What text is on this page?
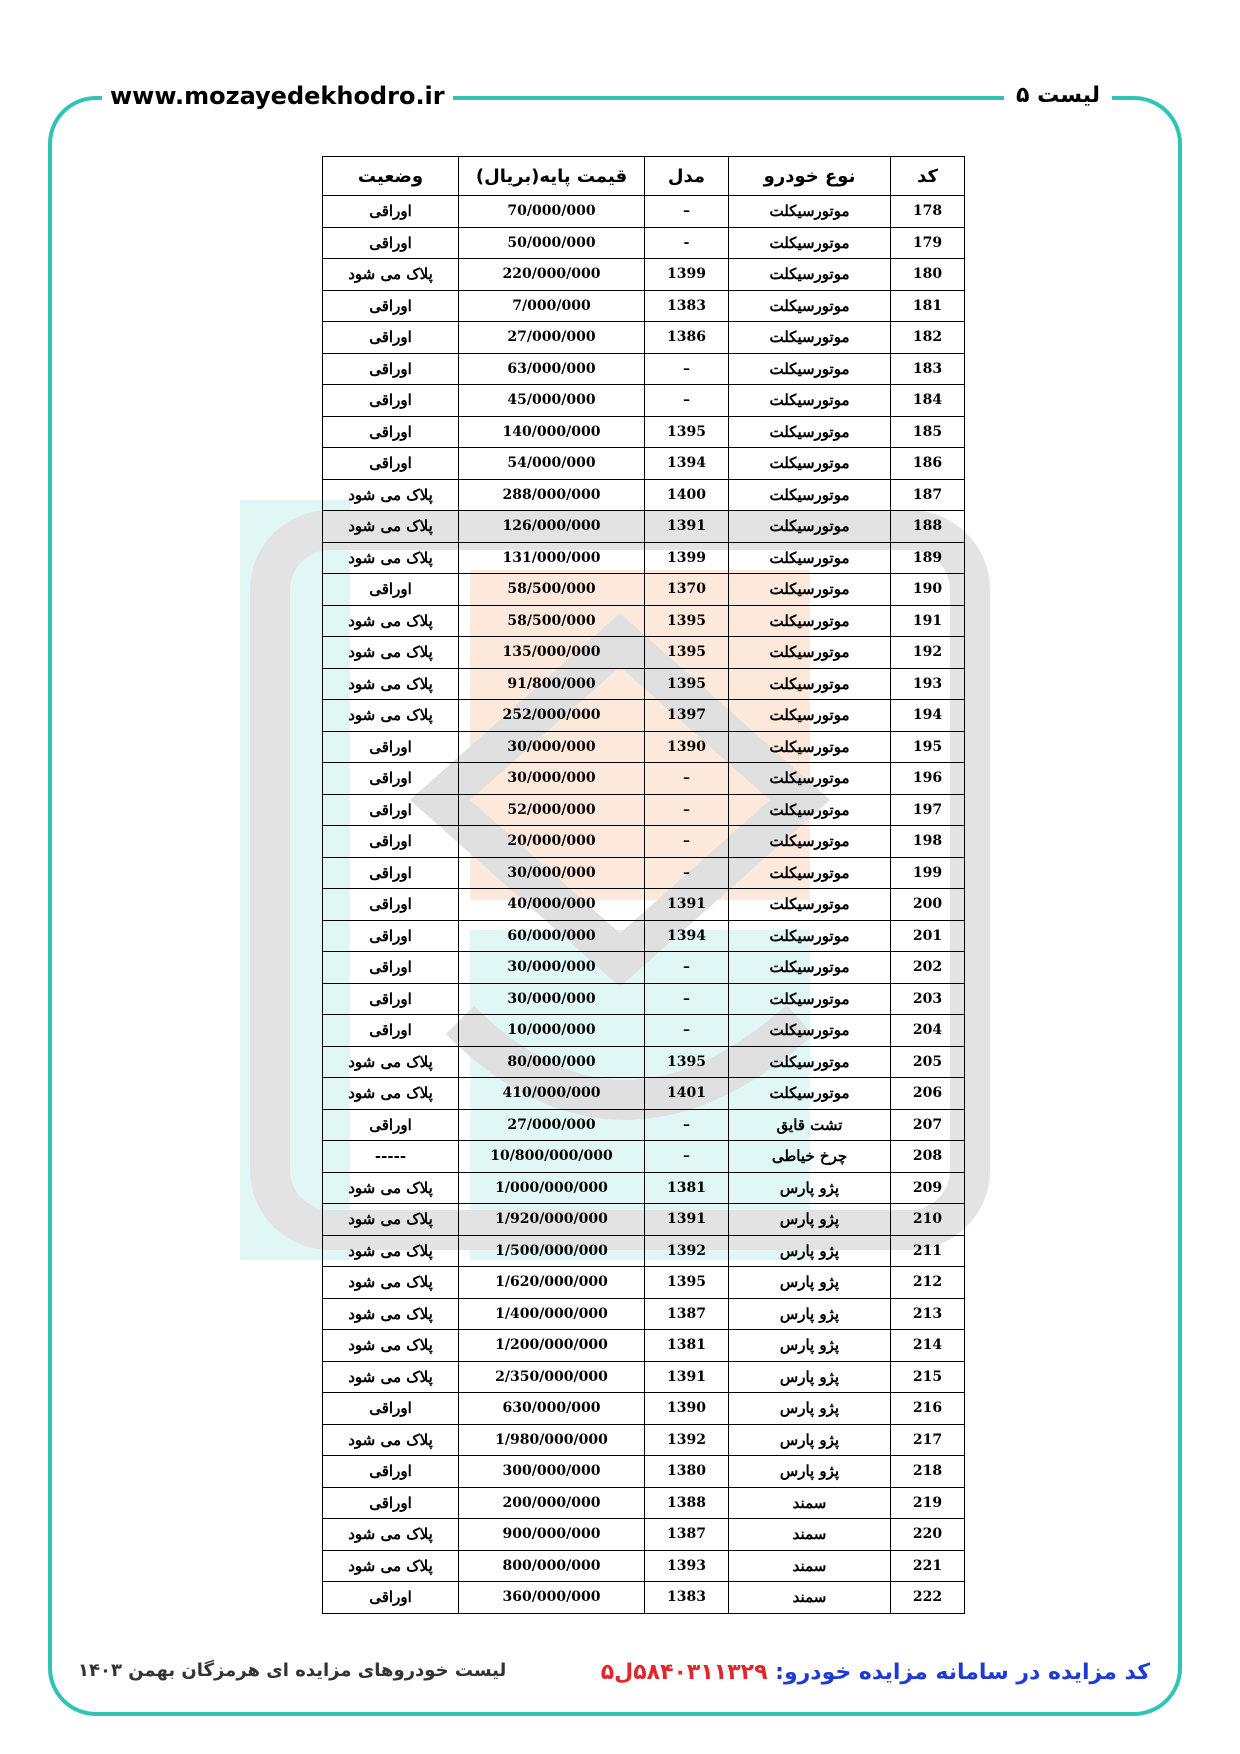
www.mozayedekhodro.ir	لیست ۵
کد	نوع خودرو	مدل	قیمت پایه(بریال)	وضعیت
178	موتورسیکلت	–	70/000/000	اوراقی
179	موتورسیکلت	-	50/000/000	اوراقی
180	موتورسیکلت	1399	220/000/000	پلاک می شود
181	موتورسیکلت	1383	7/000/000	اوراقی
182	موتورسیکلت	1386	27/000/000	اوراقی
183	موتورسیکلت	–	63/000/000	اوراقی
184	موتورسیکلت	–	45/000/000	اوراقی
185	موتورسیکلت	1395	140/000/000	اوراقی
186	موتورسیکلت	1394	54/000/000	اوراقی
187	موتورسیکلت	1400	288/000/000	پلاک می شود
188	موتورسیکلت	1391	126/000/000	پلاک می شود
189	موتورسیکلت	1399	131/000/000	پلاک می شود
190	موتورسیکلت	1370	58/500/000	اوراقی
191	موتورسیکلت	1395	58/500/000	پلاک می شود
192	موتورسیکلت	1395	135/000/000	پلاک می شود
193	موتورسیکلت	1395	91/800/000	پلاک می شود
194	موتورسیکلت	1397	252/000/000	پلاک می شود
195	موتورسیکلت	1390	30/000/000	اوراقی
196	موتورسیکلت	–	30/000/000	اوراقی
197	موتورسیکلت	–	52/000/000	اوراقی
198	موتورسیکلت	–	20/000/000	اوراقی
199	موتورسیکلت	–	30/000/000	اوراقی
200	موتورسیکلت	1391	40/000/000	اوراقی
201	موتورسیکلت	1394	60/000/000	اوراقی
202	موتورسیکلت	–	30/000/000	اوراقی
203	موتورسیکلت	–	30/000/000	اوراقی
204	موتورسیکلت	–	10/000/000	اوراقی
205	موتورسیکلت	1395	80/000/000	پلاک می شود
206	موتورسیکلت	1401	410/000/000	پلاک می شود
207	تشت قایق	–	27/000/000	اوراقی
208	چرخ خیاطی	–	10/800/000/000	-----
209	پژو پارس	1381	1/000/000/000	پلاک می شود
210	پژو پارس	1391	1/920/000/000	پلاک می شود
211	پژو پارس	1392	1/500/000/000	پلاک می شود
212	پژو پارس	1395	1/620/000/000	پلاک می شود
213	پژو پارس	1387	1/400/000/000	پلاک می شود
214	پژو پارس	1381	1/200/000/000	پلاک می شود
215	پژو پارس	1391	2/350/000/000	پلاک می شود
216	پژو پارس	1390	630/000/000	اوراقی
217	پژو پارس	1392	1/980/000/000	پلاک می شود
218	پژو پارس	1380	300/000/000	اوراقی
219	سمند	1388	200/000/000	اوراقی
220	سمند	1387	900/000/000	پلاک می شود
221	سمند	1393	800/000/000	پلاک می شود
222	سمند	1383	360/000/000	اوراقی
کد مزایده در سامانه مزایده خودرو: ۵۸۴۰۳۱۱۳۲۹ل۵
لیست خودروهای مزایده ای هرمزگان بهمن ۱۴۰۳
